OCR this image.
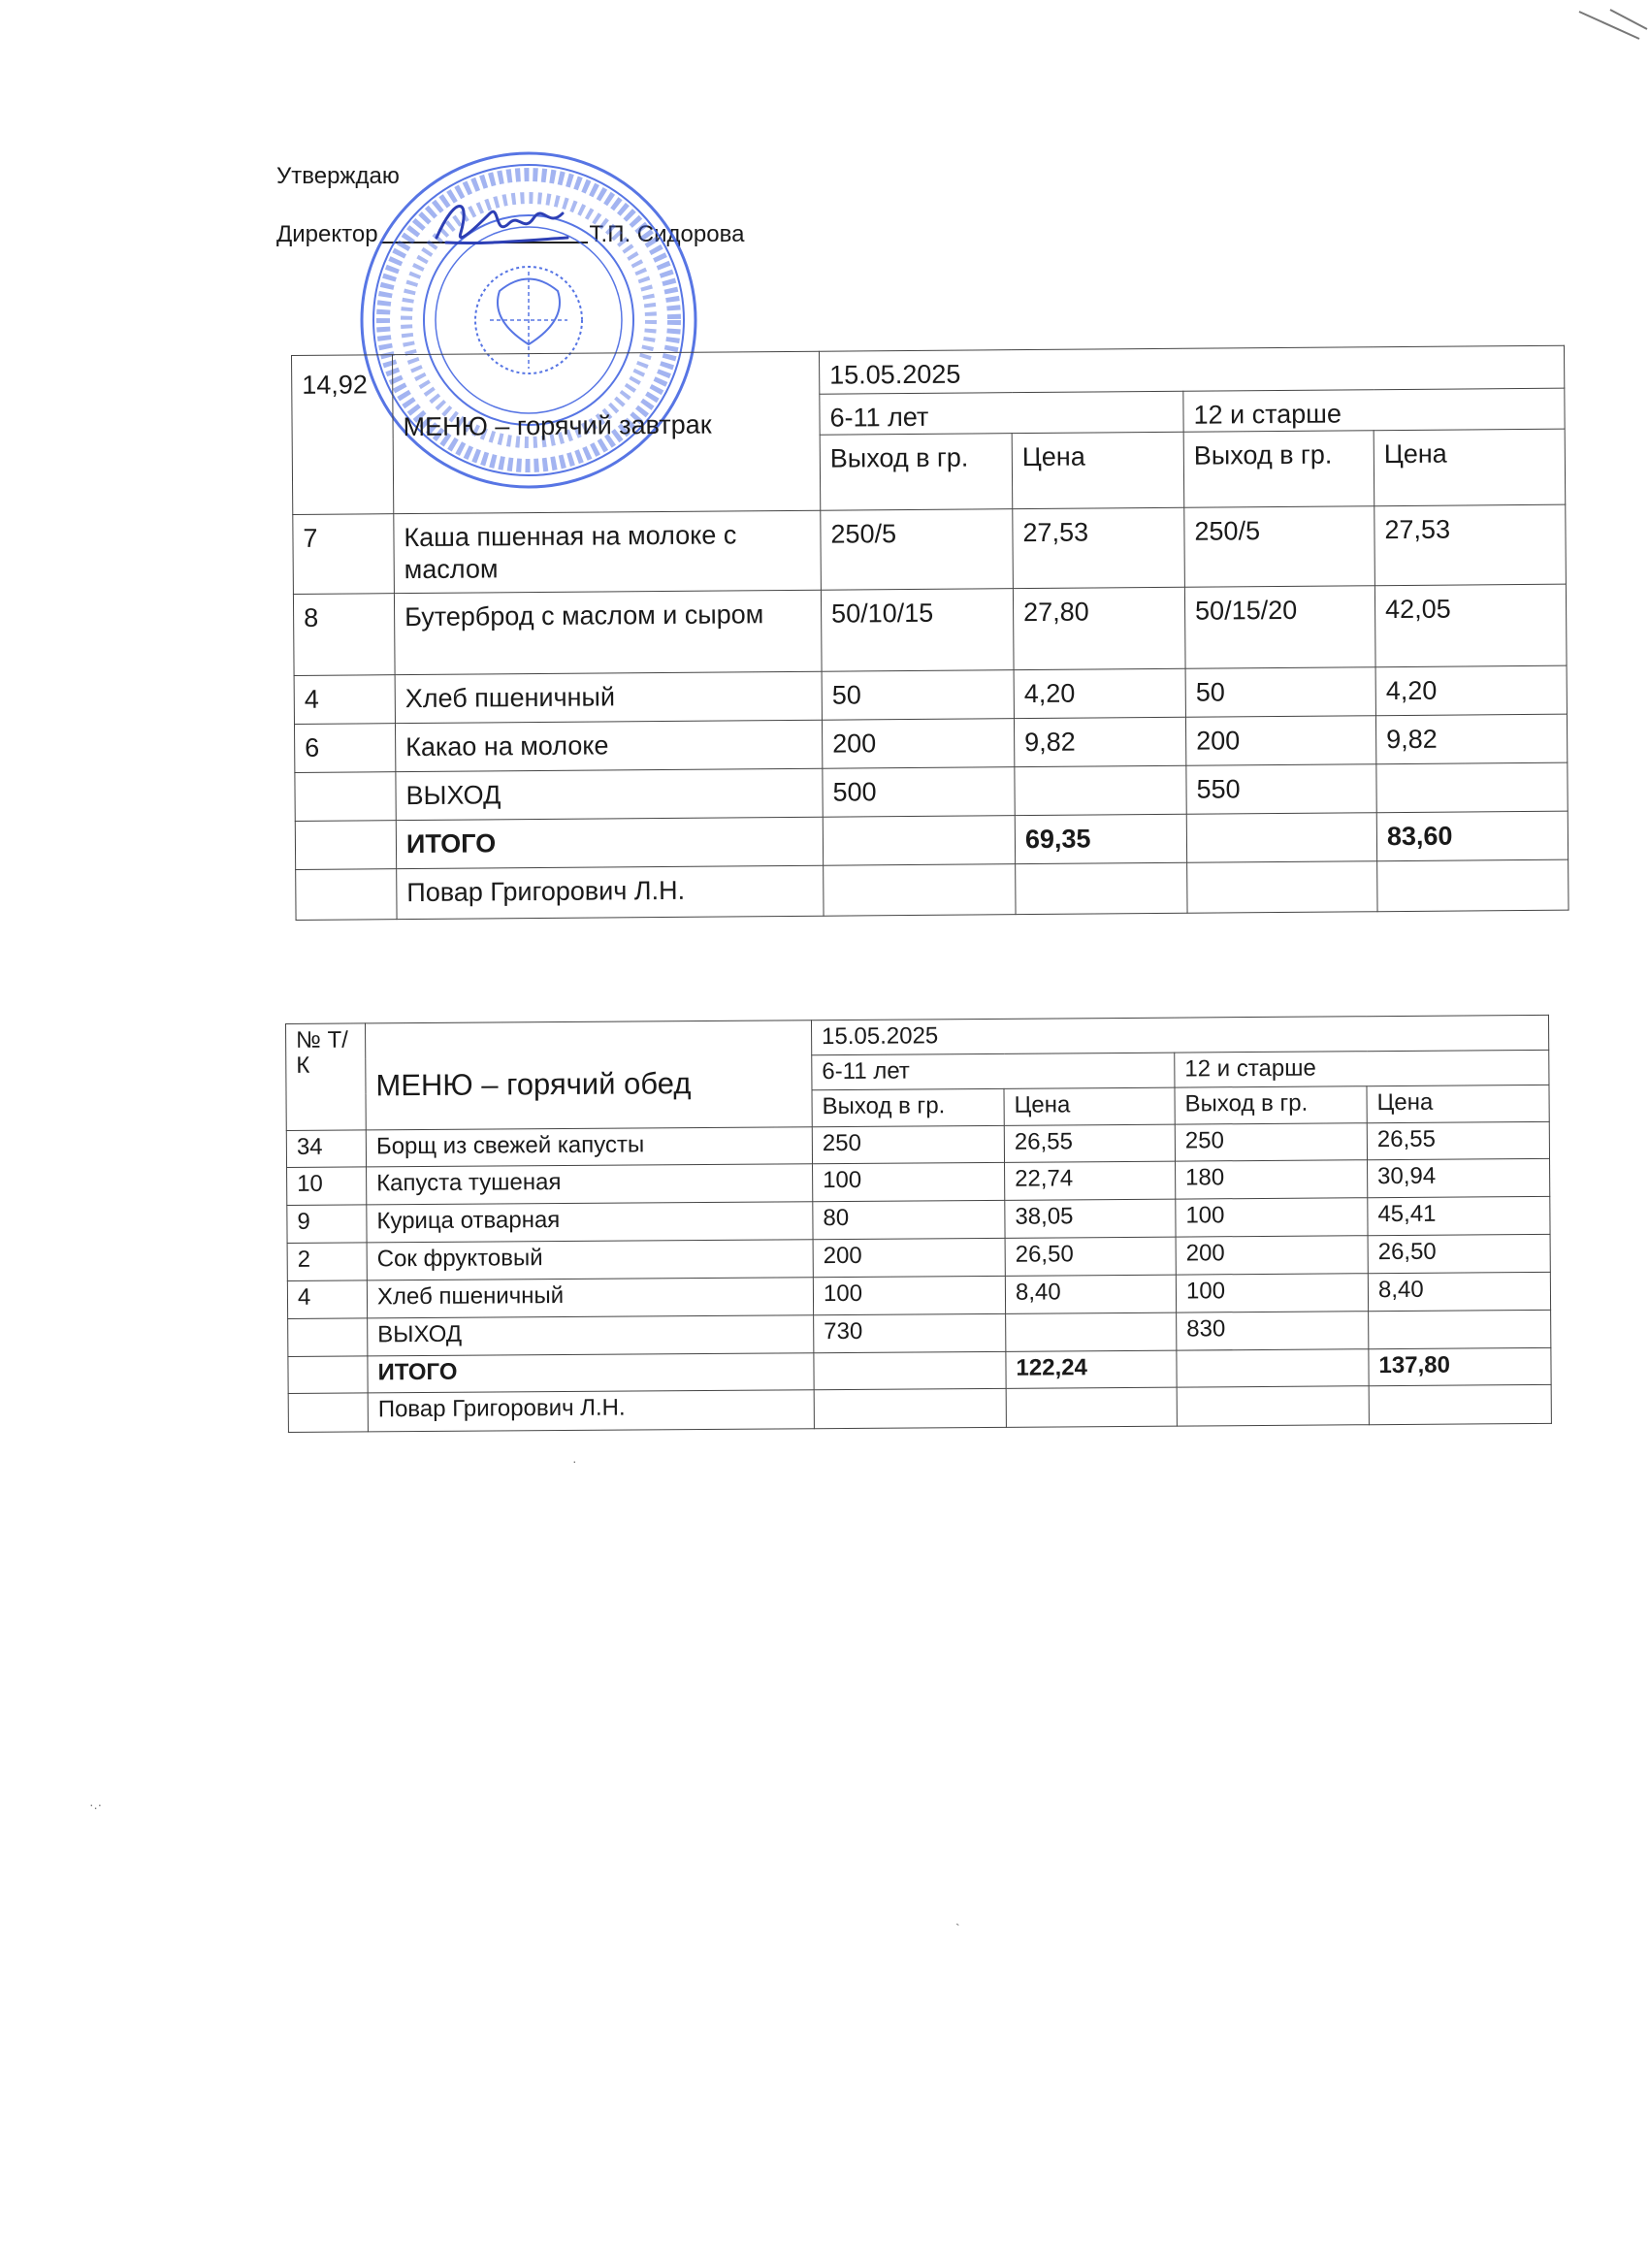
Утверждаю
Директор	Т.П. Сидорова
14,92	МЕНЮ – горячий завтрак	15.05.2025			
		6-11 лет		12 и старше	
		Выход в гр.	Цена	Выход в гр.	Цена
7	Каша пшенная на молоке с маслом	250/5	27,53	250/5	27,53
8	Бутерброд с маслом и сыром	50/10/15	27,80	50/15/20	42,05
4	Хлеб пшеничный	50	4,20	50	4,20
6	Какао на молоке	200	9,82	200	9,82
	ВЫХОД	500		550	
	ИТОГО		69,35		83,60
	Повар Григорович Л.Н.				
№ Т/К	МЕНЮ – горячий обед	15.05.2025			
		6-11 лет		12 и старше	
		Выход в гр.	Цена	Выход в гр.	Цена
34	Борщ из свежей капусты	250	26,55	250	26,55
10	Капуста тушеная	100	22,74	180	30,94
9	Курица отварная	80	38,05	100	45,41
2	Сок фруктовый	200	26,50	200	26,50
4	Хлеб пшеничный	100	8,40	100	8,40
	ВЫХОД	730		830	
	ИТОГО		122,24		137,80
	Повар Григорович Л.Н.				
·.·
`
·
